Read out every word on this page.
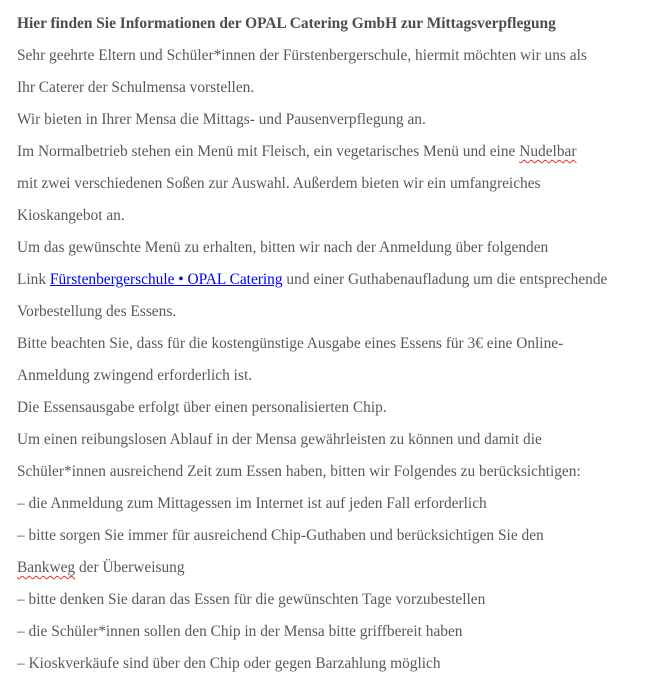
Hier finden Sie Informationen der OPAL Catering GmbH zur Mittagsverpflegung
Sehr geehrte Eltern und Schüler*innen der Fürstenbergerschule, hiermit möchten wir uns als
Ihr Caterer der Schulmensa vorstellen.
Wir bieten in Ihrer Mensa die Mittags- und Pausenverpflegung an.
Im Normalbetrieb stehen ein Menü mit Fleisch, ein vegetarisches Menü und eine Nudelbar
mit zwei verschiedenen Soßen zur Auswahl. Außerdem bieten wir ein umfangreiches
Kioskangebot an.
Um das gewünschte Menü zu erhalten, bitten wir nach der Anmeldung über folgenden
Link Fürstenbergerschule • OPAL Catering und einer Guthabenaufladung um die entsprechende
Vorbestellung des Essens.
Bitte beachten Sie, dass für die kostengünstige Ausgabe eines Essens für 3€ eine Online-
Anmeldung zwingend erforderlich ist.
Die Essensausgabe erfolgt über einen personalisierten Chip.
Um einen reibungslosen Ablauf in der Mensa gewährleisten zu können und damit die
Schüler*innen ausreichend Zeit zum Essen haben, bitten wir Folgendes zu berücksichtigen:
– die Anmeldung zum Mittagessen im Internet ist auf jeden Fall erforderlich
– bitte sorgen Sie immer für ausreichend Chip-Guthaben und berücksichtigen Sie den
Bankweg der Überweisung
– bitte denken Sie daran das Essen für die gewünschten Tage vorzubestellen
– die Schüler*innen sollen den Chip in der Mensa bitte griffbereit haben
– Kioskverkäufe sind über den Chip oder gegen Barzahlung möglich
